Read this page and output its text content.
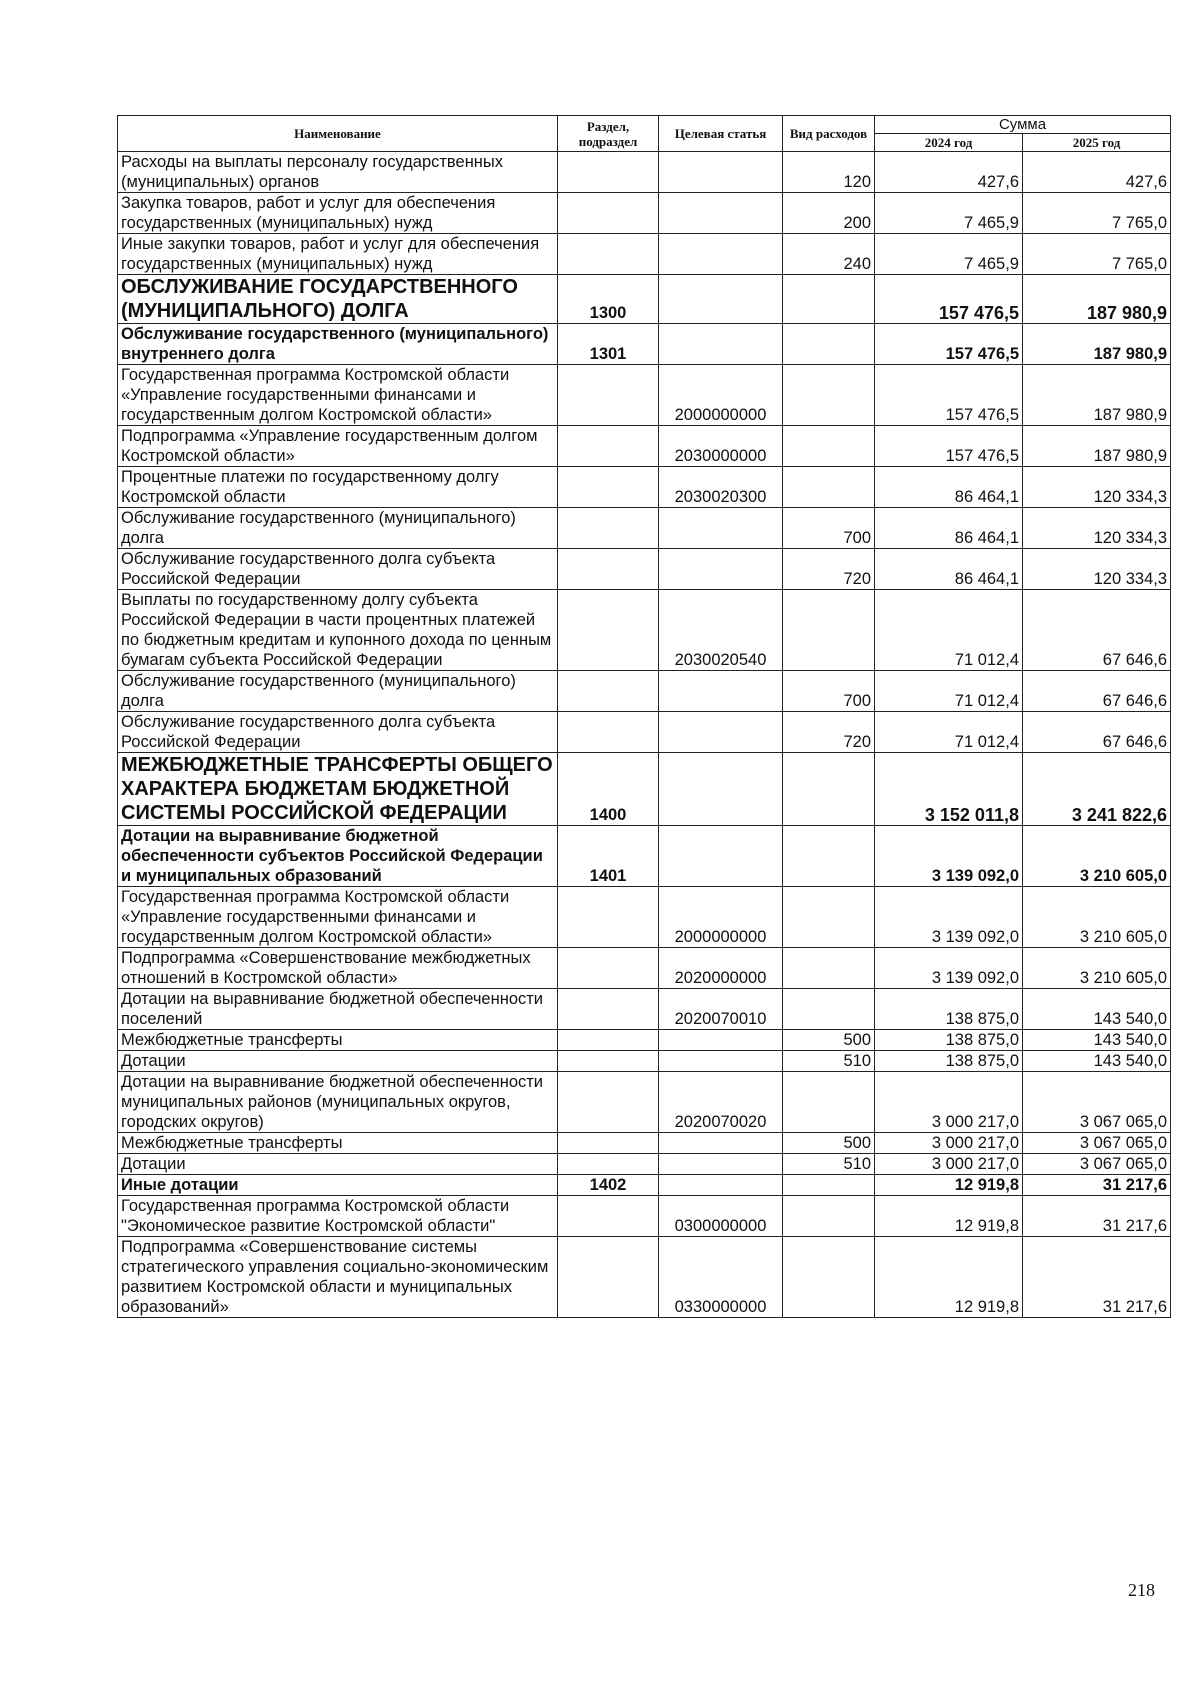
Наименование	Раздел, подраздел	Целевая статья	Вид расходов	Сумма	
				2024 год	2025 год
Расходы на выплаты персоналу государственных (муниципальных) органов			120	427,6	427,6
Закупка товаров, работ и услуг для обеспечения государственных (муниципальных) нужд			200	7 465,9	7 765,0
Иные закупки товаров, работ и услуг для обеспечения государственных (муниципальных) нужд			240	7 465,9	7 765,0
ОБСЛУЖИВАНИЕ ГОСУДАРСТВЕННОГО (МУНИЦИПАЛЬНОГО) ДОЛГА	1300			157 476,5	187 980,9
Обслуживание государственного (муниципального) внутреннего долга	1301			157 476,5	187 980,9
Государственная программа Костромской области «Управление государственными финансами и государственным долгом Костромской области»		2000000000		157 476,5	187 980,9
Подпрограмма «Управление государственным долгом Костромской области»		2030000000		157 476,5	187 980,9
Процентные платежи по государственному долгу Костромской области		2030020300		86 464,1	120 334,3
Обслуживание государственного (муниципального) долга			700	86 464,1	120 334,3
Обслуживание государственного долга субъекта Российской Федерации			720	86 464,1	120 334,3
Выплаты по государственному долгу субъекта Российской Федерации в части процентных платежей по бюджетным кредитам и купонного дохода по ценным бумагам субъекта Российской Федерации		2030020540		71 012,4	67 646,6
Обслуживание государственного (муниципального) долга			700	71 012,4	67 646,6
Обслуживание государственного долга субъекта Российской Федерации			720	71 012,4	67 646,6
МЕЖБЮДЖЕТНЫЕ ТРАНСФЕРТЫ ОБЩЕГО ХАРАКТЕРА БЮДЖЕТАМ БЮДЖЕТНОЙ СИСТЕМЫ РОССИЙСКОЙ ФЕДЕРАЦИИ	1400			3 152 011,8	3 241 822,6
Дотации на выравнивание бюджетной обеспеченности субъектов Российской Федерации и муниципальных образований	1401			3 139 092,0	3 210 605,0
Государственная программа Костромской области «Управление государственными финансами и государственным долгом Костромской области»		2000000000		3 139 092,0	3 210 605,0
Подпрограмма «Совершенствование межбюджетных отношений в Костромской области»		2020000000		3 139 092,0	3 210 605,0
Дотации на выравнивание бюджетной обеспеченности поселений		2020070010		138 875,0	143 540,0
Межбюджетные трансферты			500	138 875,0	143 540,0
Дотации			510	138 875,0	143 540,0
Дотации на выравнивание бюджетной обеспеченности муниципальных районов (муниципальных округов, городских округов)		2020070020		3 000 217,0	3 067 065,0
Межбюджетные трансферты			500	3 000 217,0	3 067 065,0
Дотации			510	3 000 217,0	3 067 065,0
Иные дотации	1402			12 919,8	31 217,6
Государственная программа Костромской области "Экономическое развитие Костромской области"		0300000000		12 919,8	31 217,6
Подпрограмма «Совершенствование системы стратегического управления социально-экономическим развитием Костромской области и муниципальных образований»		0330000000		12 919,8	31 217,6
218
